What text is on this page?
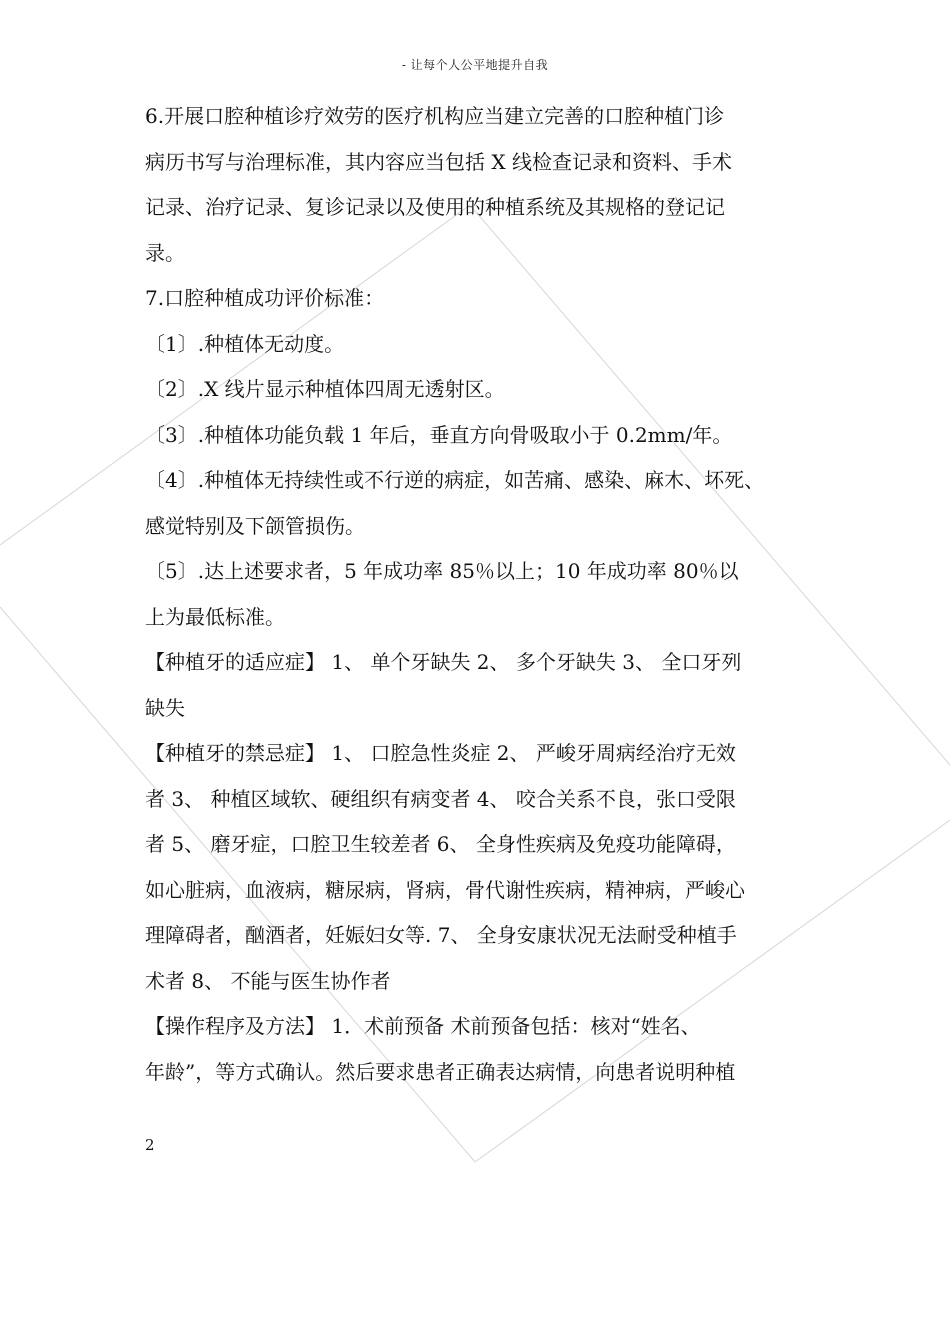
- 让每个人公平地提升自我
6.开展口腔种植诊疗效劳的医疗机构应当建立完善的口腔种植门诊
病历书写与治理标准，其内容应当包括 X 线检查记录和资料、手术
记录、治疗记录、复诊记录以及使用的种植系统及其规格的登记记
录。
7.口腔种植成功评价标准：
〔1〕.种植体无动度。
〔2〕.X 线片显示种植体四周无透射区。
〔3〕.种植体功能负载 1 年后，垂直方向骨吸取小于 0.2mm/年。
〔4〕.种植体无持续性或不行逆的病症，如苦痛、感染、麻木、坏死、
感觉特别及下颌管损伤。
〔5〕.达上述要求者，5 年成功率 85％以上；10 年成功率 80％以
上为最低标准。
【种植牙的适应症】 1、 单个牙缺失 2、 多个牙缺失 3、 全口牙列
缺失
【种植牙的禁忌症】 1、 口腔急性炎症 2、 严峻牙周病经治疗无效
者 3、 种植区域软、硬组织有病变者 4、 咬合关系不良，张口受限
者 5、 磨牙症，口腔卫生较差者 6、 全身性疾病及免疫功能障碍，
如心脏病，血液病，糖尿病，肾病，骨代谢性疾病，精神病，严峻心
理障碍者，酗酒者，妊娠妇女等. 7、 全身安康状况无法耐受种植手
术者 8、 不能与医生协作者
【操作程序及方法】 1．术前预备 术前预备包括：核对“姓名、
年龄”，等方式确认。然后要求患者正确表达病情，向患者说明种植
2
